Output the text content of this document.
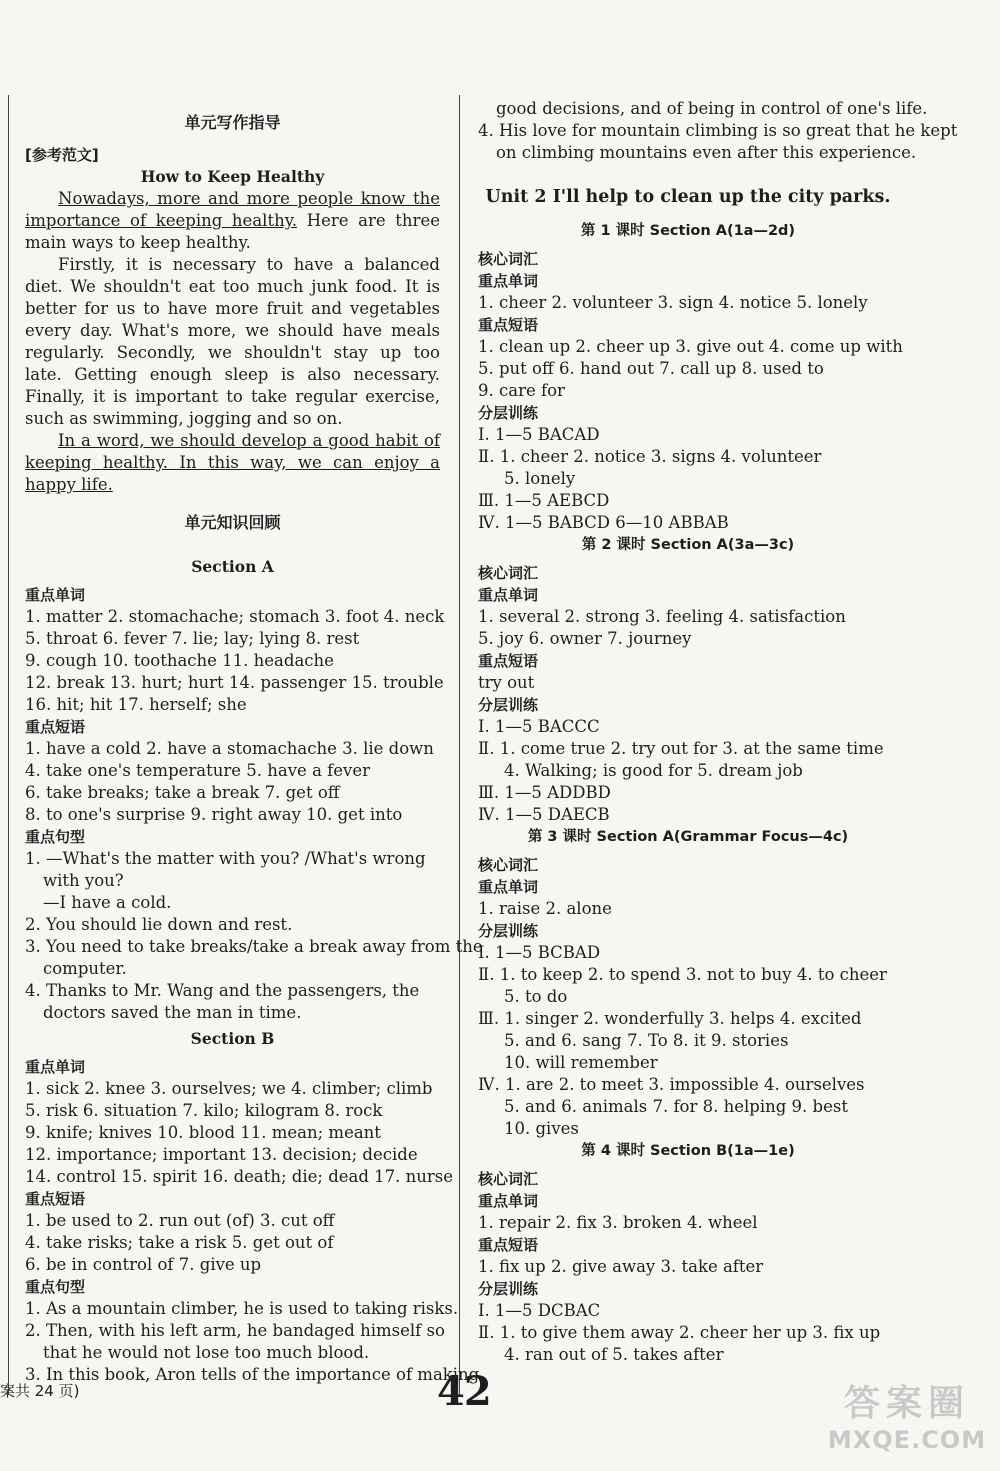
单元写作指导
[参考范文]
How to Keep Healthy

Nowadays, more and more people know the importance of keeping healthy. Here are three main ways to keep healthy.

Firstly, it is necessary to have a balanced diet. We shouldn't eat too much junk food. It is better for us to have more fruit and vegetables every day. What's more, we should have meals regularly. Secondly, we shouldn't stay up too late. Getting enough sleep is also necessary. Finally, it is important to take regular exercise, such as swimming, jogging and so on.

In a word, we should develop a good habit of keeping healthy. In this way, we can enjoy a happy life.

单元知识回顾
Section A
重点单词
1. matter 2. stomachache; stomach 3. foot 4. neck
5. throat 6. fever 7. lie; lay; lying 8. rest
9. cough 10. toothache 11. headache
12. break 13. hurt; hurt 14. passenger 15. trouble
16. hit; hit 17. herself; she
重点短语
1. have a cold 2. have a stomachache 3. lie down
4. take one's temperature 5. have a fever
6. take breaks; take a break 7. get off
8. to one's surprise 9. right away 10. get into
重点句型
1. —What's the matter with you? /What's wrong
with you?
—I have a cold.
2. You should lie down and rest.
3. You need to take breaks/take a break away from the
computer.
4. Thanks to Mr. Wang and the passengers, the
doctors saved the man in time.
Section B
重点单词
1. sick 2. knee 3. ourselves; we 4. climber; climb
5. risk 6. situation 7. kilo; kilogram 8. rock
9. knife; knives 10. blood 11. mean; meant
12. importance; important 13. decision; decide
14. control 15. spirit 16. death; die; dead 17. nurse
重点短语
1. be used to 2. run out (of) 3. cut off
4. take risks; take a risk 5. get out of
6. be in control of 7. give up
重点句型
1. As a mountain climber, he is used to taking risks.
2. Then, with his left arm, he bandaged himself so
that he would not lose too much blood.
3. In this book, Aron tells of the importance of making
good decisions, and of being in control of one's life.
4. His love for mountain climbing is so great that he kept
on climbing mountains even after this experience.
Unit 2 I'll help to clean up the city parks.
第 1 课时 Section A(1a—2d)
核心词汇
重点单词
1. cheer 2. volunteer 3. sign 4. notice 5. lonely
重点短语
1. clean up 2. cheer up 3. give out 4. come up with
5. put off 6. hand out 7. call up 8. used to
9. care for
分层训练
Ⅰ. 1—5 BACAD
Ⅱ. 1. cheer 2. notice 3. signs 4. volunteer
5. lonely
Ⅲ. 1—5 AEBCD
Ⅳ. 1—5 BABCD 6—10 ABBAB
第 2 课时 Section A(3a—3c)
核心词汇
重点单词
1. several 2. strong 3. feeling 4. satisfaction
5. joy 6. owner 7. journey
重点短语
try out
分层训练
Ⅰ. 1—5 BACCC
Ⅱ. 1. come true 2. try out for 3. at the same time
4. Walking; is good for 5. dream job
Ⅲ. 1—5 ADDBD
Ⅳ. 1—5 DAECB
第 3 课时 Section A(Grammar Focus—4c)
核心词汇
重点单词
1. raise 2. alone
分层训练
Ⅰ. 1—5 BCBAD
Ⅱ. 1. to keep 2. to spend 3. not to buy 4. to cheer
5. to do
Ⅲ. 1. singer 2. wonderfully 3. helps 4. excited
5. and 6. sang 7. To 8. it 9. stories
10. will remember
Ⅳ. 1. are 2. to meet 3. impossible 4. ourselves
5. and 6. animals 7. for 8. helping 9. best
10. gives
第 4 课时 Section B(1a—1e)
核心词汇
重点单词
1. repair 2. fix 3. broken 4. wheel
重点短语
1. fix up 2. give away 3. take after
分层训练
Ⅰ. 1—5 DCBAC
Ⅱ. 1. to give them away 2. cheer her up 3. fix up
4. ran out of 5. takes after
案共 24 页)	42	答案圈
MXQE.COM
